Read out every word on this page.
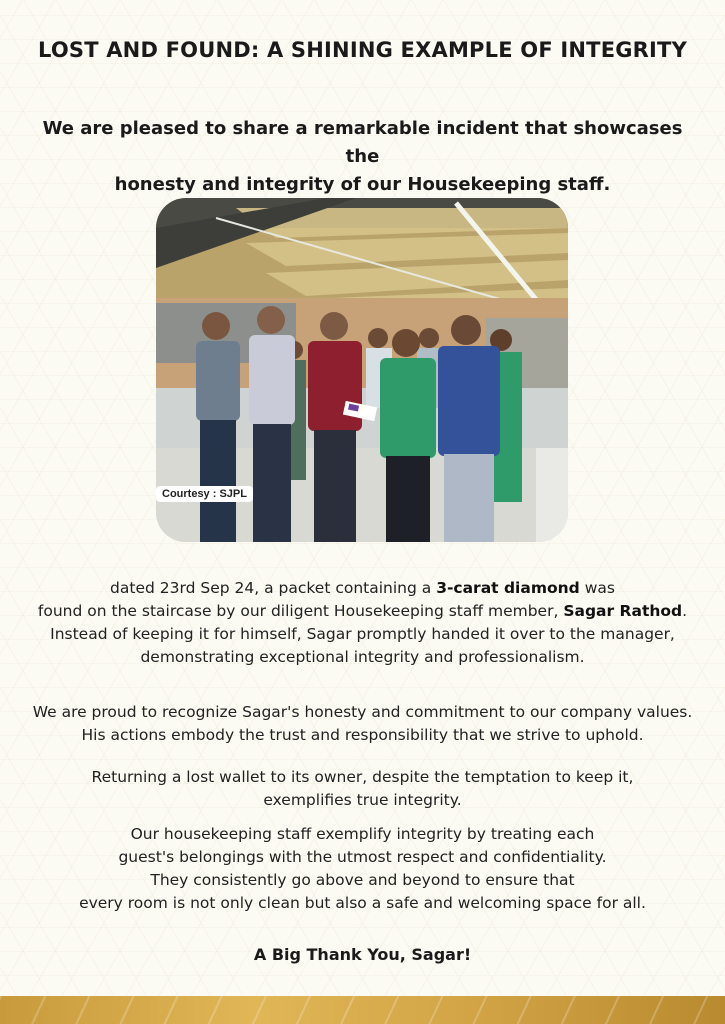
LOST AND FOUND: A SHINING EXAMPLE OF INTEGRITY
We are pleased to share a remarkable incident that showcases the
honesty and integrity of our Housekeeping staff.
Courtesy : SJPL
dated 23rd Sep 24, a packet containing a 3-carat diamond was
found on the staircase by our diligent Housekeeping staff member, Sagar Rathod.
Instead of keeping it for himself, Sagar promptly handed it over to the manager,
demonstrating exceptional integrity and professionalism.
We are proud to recognize Sagar's honesty and commitment to our company values.
His actions embody the trust and responsibility that we strive to uphold.
Returning a lost wallet to its owner, despite the temptation to keep it,
exemplifies true integrity.
Our housekeeping staff exemplify integrity by treating each
guest's belongings with the utmost respect and confidentiality.
They consistently go above and beyond to ensure that
every room is not only clean but also a safe and welcoming space for all.
A Big Thank You, Sagar!
